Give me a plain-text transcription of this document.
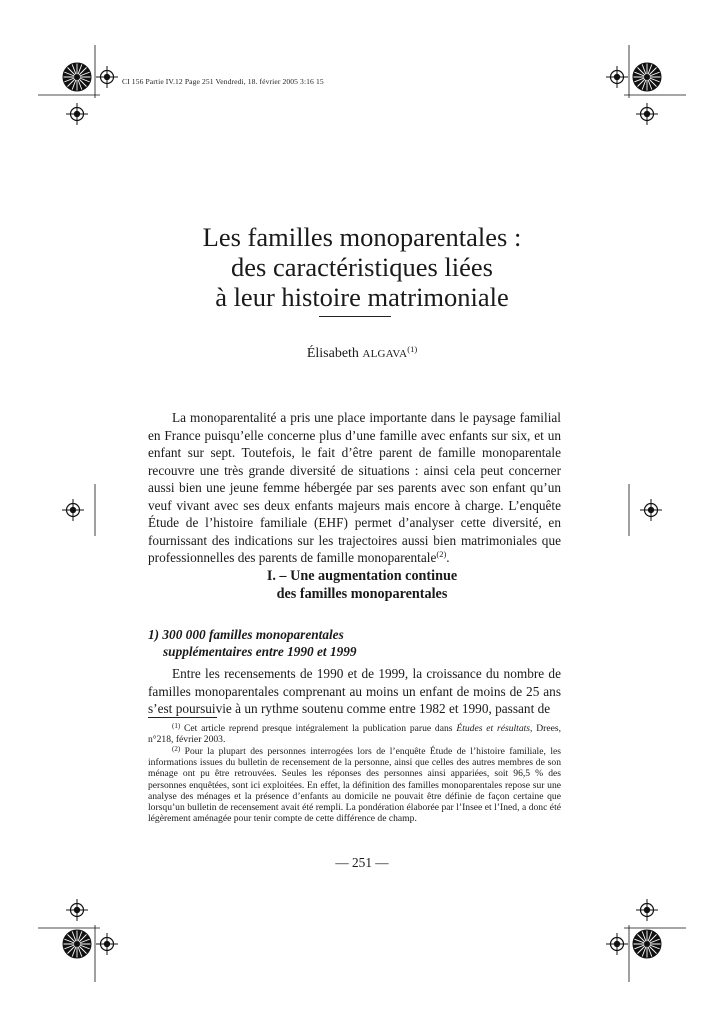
CI 156 Partie IV.12 Page 251 Vendredi, 18. février 2005 3:16 15
Les familles monoparentales :
des caractéristiques liées
à leur histoire matrimoniale
Élisabeth ALGAVA$^{(1)}$
La monoparentalité a pris une place importante dans le paysage familial en France puisqu’elle concerne plus d’une famille avec enfants sur six, et un enfant sur sept. Toutefois, le fait d’être parent de famille monoparentale recouvre une très grande diversité de situations : ainsi cela peut concerner aussi bien une jeune femme hébergée par ses parents avec son enfant qu’un veuf vivant avec ses deux enfants majeurs mais encore à charge. L’enquête Étude de l’histoire familiale (EHF) permet d’analyser cette diversité, en fournissant des indications sur les trajectoires aussi bien matrimoniales que professionnelles des parents de famille monoparentale$^{(2)}$.
I. – Une augmentation continue
des familles monoparentales
1) 300 000 familles monoparentales
supplémentaires entre 1990 et 1999
Entre les recensements de 1990 et de 1999, la croissance du nombre de familles monoparentales comprenant au moins un enfant de moins de 25 ans s’est poursuivie à un rythme soutenu comme entre 1982 et 1990, passant de
$^{(1)}$ Cet article reprend presque intégralement la publication parue dans Études et résultats, Drees, n°218, février 2003.
$^{(2)}$ Pour la plupart des personnes interrogées lors de l’enquête Étude de l’histoire familiale, les informations issues du bulletin de recensement de la personne, ainsi que celles des autres membres de son ménage ont pu être retrouvées. Seules les réponses des personnes ainsi appariées, soit 96,5 % des personnes enquêtées, sont ici exploitées. En effet, la définition des familles monoparentales repose sur une analyse des ménages et la présence d’enfants au domicile ne pouvait être définie de façon certaine que lorsqu’un bulletin de recensement avait été rempli. La pondération élaborée par l’Insee et l’Ined, a donc été légèrement aménagée pour tenir compte de cette différence de champ.
— 251 —
